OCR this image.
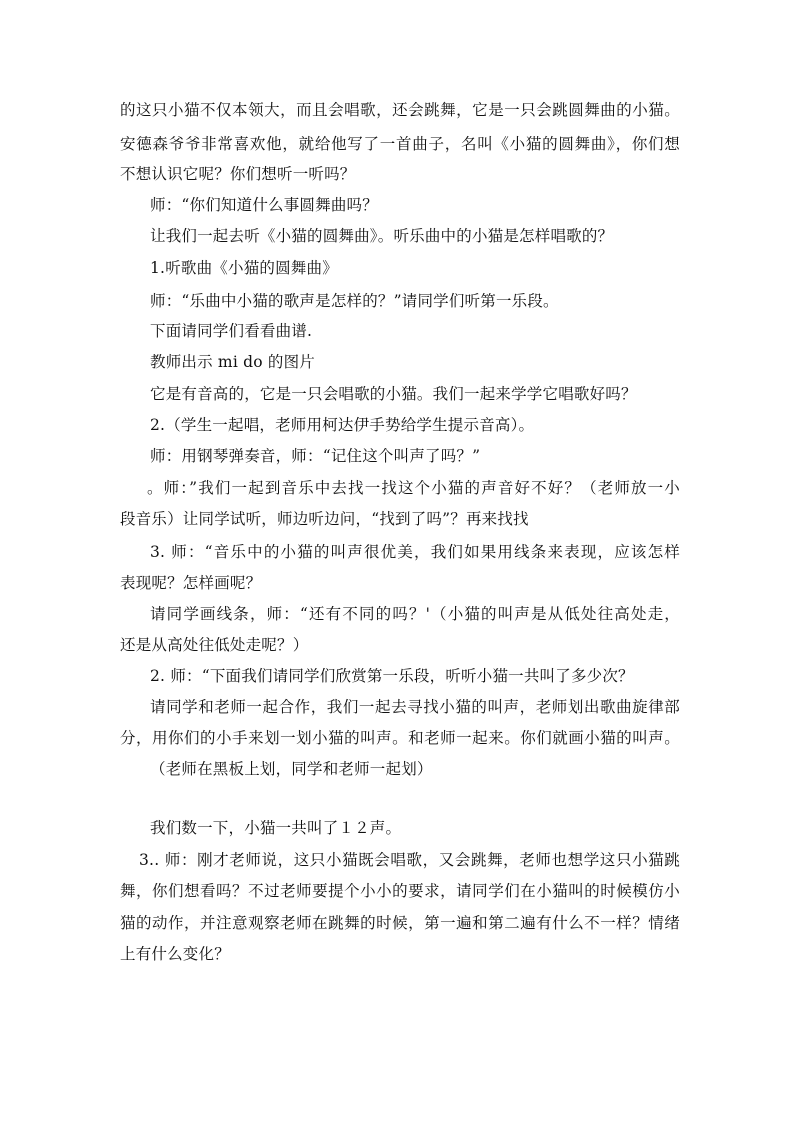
的这只小猫不仅本领大，而且会唱歌，还会跳舞，它是一只会跳圆舞曲的小猫。
安德森爷爷非常喜欢他，就给他写了一首曲子，名叫《小猫的圆舞曲》，你们想
不想认识它呢？你们想听一听吗？
师：“你们知道什么事圆舞曲吗？
让我们一起去听《小猫的圆舞曲》。听乐曲中的小猫是怎样唱歌的？
1.听歌曲《小猫的圆舞曲》
师：“乐曲中小猫的歌声是怎样的？”请同学们听第一乐段。
下面请同学们看看曲谱.
教师出示 mi do 的图片
它是有音高的，它是一只会唱歌的小猫。我们一起来学学它唱歌好吗？
2.（学生一起唱，老师用柯达伊手势给学生提示音高）。
师：用钢琴弹奏音，师：“记住这个叫声了吗？”
。师：”我们一起到音乐中去找一找这个小猫的声音好不好？（老师放一小
段音乐）让同学试听，师边听边问，“找到了吗”？再来找找
3. 师：“音乐中的小猫的叫声很优美，我们如果用线条来表现，应该怎样
表现呢？怎样画呢？
请同学画线条，师：“还有不同的吗？'（小猫的叫声是从低处往高处走，
还是从高处往低处走呢？）
2. 师：“下面我们请同学们欣赏第一乐段，听听小猫一共叫了多少次？
请同学和老师一起合作，我们一起去寻找小猫的叫声，老师划出歌曲旋律部
分，用你们的小手来划一划小猫的叫声。和老师一起来。你们就画小猫的叫声。
（老师在黑板上划，同学和老师一起划）
我们数一下，小猫一共叫了１２声。
3.. 师：刚才老师说，这只小猫既会唱歌，又会跳舞，老师也想学这只小猫跳
舞，你们想看吗？不过老师要提个小小的要求，请同学们在小猫叫的时候模仿小
猫的动作，并注意观察老师在跳舞的时候，第一遍和第二遍有什么不一样？情绪
上有什么变化？
